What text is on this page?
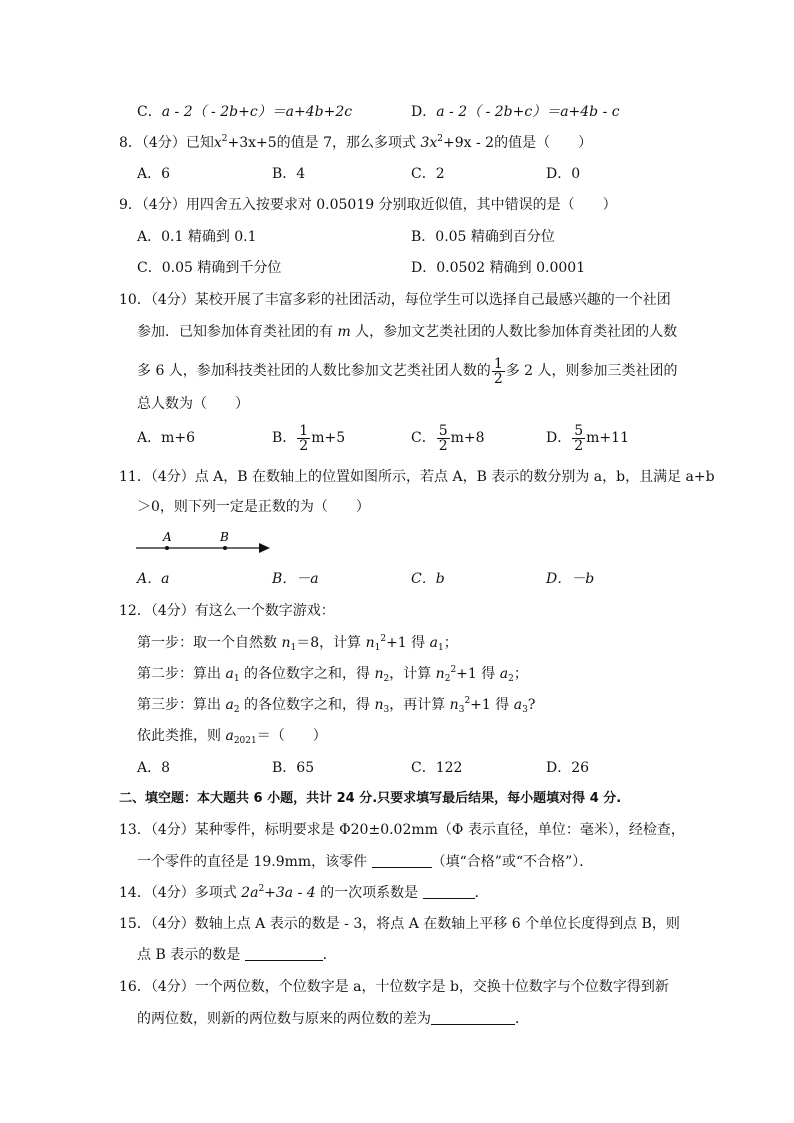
C．a - 2（ - 2b+c）＝a+4b+2c	D．a - 2（ - 2b+c）＝a+4b - c
8．（4分）已知$x^2+3x+5$的值是 7，那么多项式 $3x^2+9x - 2$的值是（　　）
A．6	B．4	C．2	D．0
9．（4分）用四舍五入按要求对 0.05019 分别取近似值，其中错误的是（　　）
A．0.1 精确到 0.1	B．0.05 精确到百分位
C．0.05 精确到千分位	D．0.0502 精确到 0.0001
10．（4分）某校开展了丰富多彩的社团活动，每位学生可以选择自己最感兴趣的一个社团
参加．已知参加体育类社团的有 m 人，参加文艺类社团的人数比参加体育类社团的人数
多 6 人，参加科技类社团的人数比参加文艺类社团人数的 $\frac{1}{2}$ 多 2 人，则参加三类社团的
总人数为（　　）
A．m+6	B． $\frac{1}{2} m+5$	C． $\frac{5}{2} m+8$	D． $\frac{5}{2} m+11$
11．（4分）点 A，B 在数轴上的位置如图所示，若点 A，B 表示的数分别为 a，b，且满足 a+b
＞0，则下列一定是正数的为（　　）
A	B
A．a	B．－a	C．b	D．－b
12．（4分）有这么一个数字游戏：
第一步：取一个自然数 $n_1=8$，计算 $n_1^2+1$ 得 $a_1$；
第二步：算出 $a_1$ 的各位数字之和，得 $n_2$，计算 $n_2^2+1$ 得 $a_2$；
第三步：算出 $a_2$ 的各位数字之和，得 $n_3$，再计算 $n_3^2+1$ 得 $a_3$?
依此类推，则 $a_{2021}=$（　　）
A．8	B．65	C．122	D．26
二、填空题：本大题共 6 小题，共计 24 分.只要求填写最后结果，每小题填对得 4 分.
13．（4分）某种零件，标明要求是 Φ20±0.02mm（Φ 表示直径，单位：毫米），经检查，
一个零件的直径是 19.9mm，该零件	（填“合格”或“不合格”）．
14．（4分）多项式 $2a^2+3a - 4$ 的一次项系数是	．
15．（4分）数轴上点 A 表示的数是 - 3，将点 A 在数轴上平移 6 个单位长度得到点 B，则
点 B 表示的数是	．
16．（4分）一个两位数，个位数字是 a，十位数字是 b，交换十位数字与个位数字得到新
的两位数，则新的两位数与原来的两位数的差为	．
